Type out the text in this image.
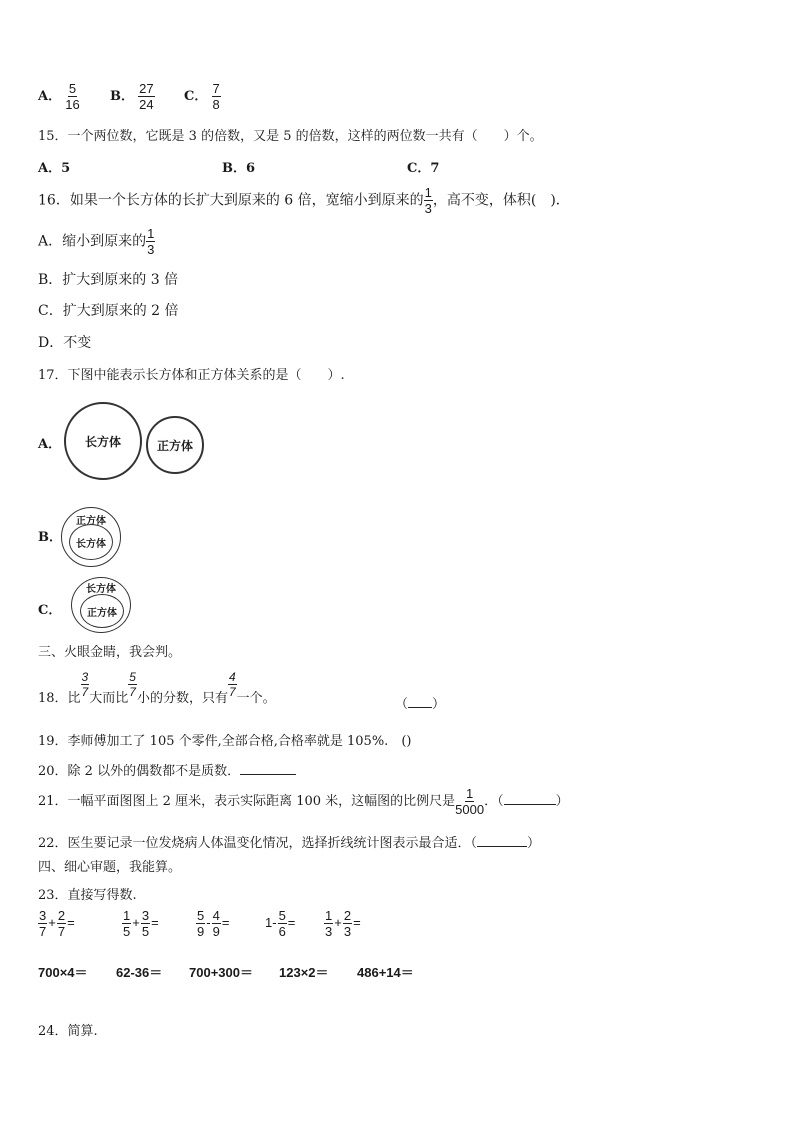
A． $\frac{5}{16}$ B． $\frac{27}{24}$ C． $\frac{7}{8}$
15．一个两位数，它既是 3 的倍数，又是 5 的倍数，这样的两位数一共有（　　）个。
A．5	B．6	C．7
16．如果一个长方体的长扩大到原来的 6 倍，宽缩小到原来的 $\frac{1}{3}$ ，高不变，体积(　)．
A．缩小到原来的 $\frac{1}{3}$
B．扩大到原来的 3 倍
C．扩大到原来的 2 倍
D．不变
17．下图中能表示长方体和正方体关系的是（　　）.
A． 长方体	正方体
B．
正方体
长方体
C．
长方体
正方体
三、火眼金睛，我会判。
18．比
$\frac{3}{7}$
大而比
$\frac{5}{7}$
小的分数，只有
$\frac{4}{7}$
一个。	（ ）
19．李师傅加工了 105 个零件,全部合格,合格率就是 105%.　()
20．除 2 以外的偶数都不是质数．
21．一幅平面图图上 2 厘米，表示实际距离 100 米，这幅图的比例尺是 $\frac{1}{5000}$ ．（	）
22．医生要记录一位发烧病人体温变化情况，选择折线统计图表示最合适．（	）
四、细心审题，我能算。
23．直接写得数.
$\frac{3}{7} + \frac{2}{7}$ =	$\frac{1}{5} + \frac{3}{5}$ =	$\frac{5}{9} - \frac{4}{9}$ =	$1- \frac{5}{6} = \frac{1}{3} + \frac{2}{3}$ =
700×4＝ 62-36＝ 700+300＝ 123×2＝ 486+14＝
24．简算.
